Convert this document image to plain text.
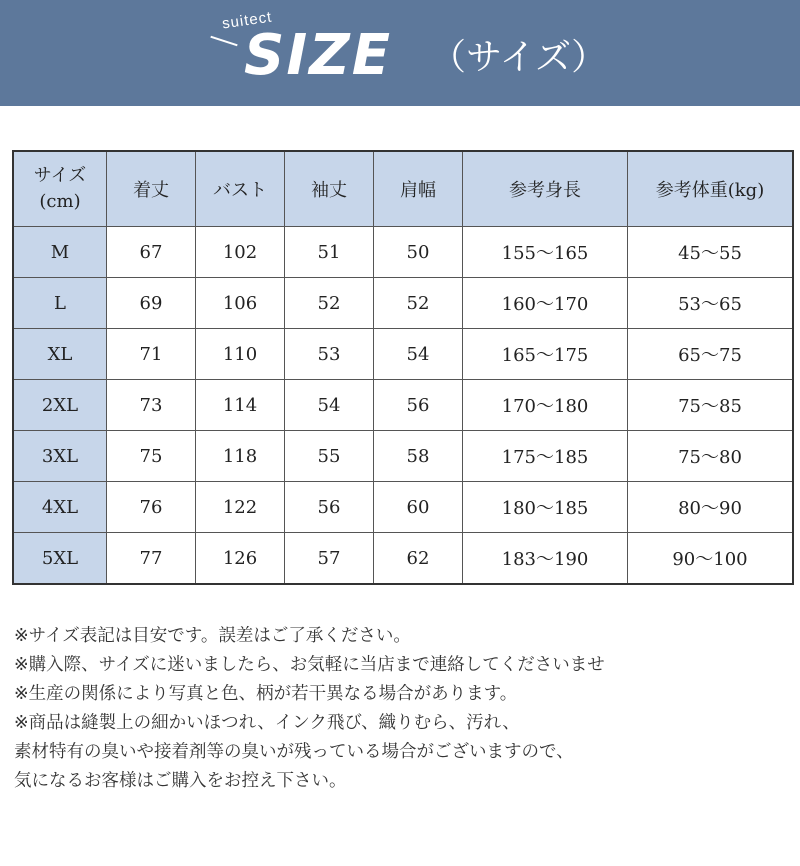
suitect
SIZE （サイズ）
サイズ
(cm)	着丈	バスト	袖丈	肩幅	参考身長	参考体重(kg)
M	67	102	51	50	155〜165	45〜55
L	69	106	52	52	160〜170	53〜65
XL	71	110	53	54	165〜175	65〜75
2XL	73	114	54	56	170〜180	75〜85
3XL	75	118	55	58	175〜185	75〜80
4XL	76	122	56	60	180〜185	80〜90
5XL	77	126	57	62	183〜190	90〜100
※サイズ表記は目安です。誤差はご了承ください。
※購入際、サイズに迷いましたら、お気軽に当店まで連絡してくださいませ
※生産の関係により写真と色、柄が若干異なる場合があります。
※商品は縫製上の細かいほつれ、インク飛び、織りむら、汚れ、
素材特有の臭いや接着剤等の臭いが残っている場合がございますので、
気になるお客様はご購入をお控え下さい。
